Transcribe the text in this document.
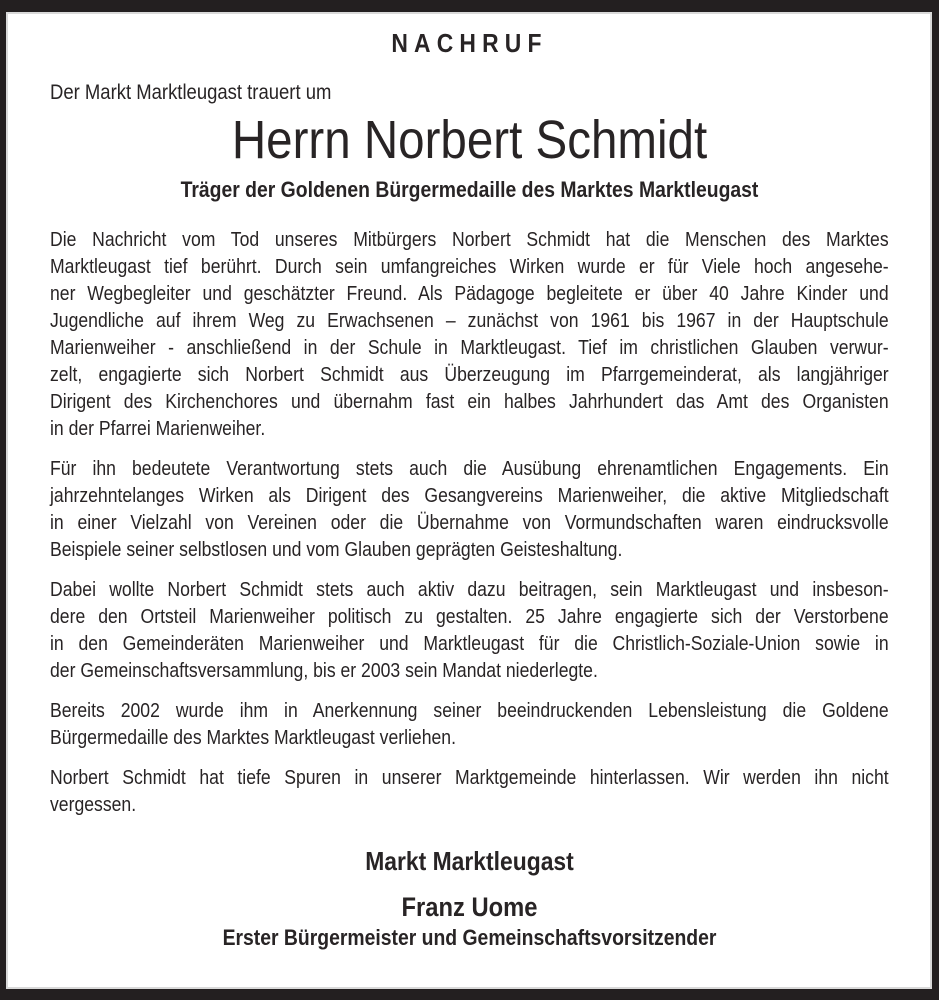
NACHRUF
Der Markt Marktleugast trauert um
Herrn Norbert Schmidt
Träger der Goldenen Bürgermedaille des Marktes Marktleugast
Die Nachricht vom Tod unseres Mitbürgers Norbert Schmidt hat die Menschen des Marktes
Marktleugast tief berührt. Durch sein umfangreiches Wirken wurde er für Viele hoch angesehe-
ner Wegbegleiter und geschätzter Freund. Als Pädagoge begleitete er über 40 Jahre Kinder und
Jugendliche auf ihrem Weg zu Erwachsenen – zunächst von 1961 bis 1967 in der Hauptschule
Marienweiher - anschließend in der Schule in Marktleugast. Tief im christlichen Glauben verwur-
zelt, engagierte sich Norbert Schmidt aus Überzeugung im Pfarrgemeinderat, als langjähriger
Dirigent des Kirchenchores und übernahm fast ein halbes Jahrhundert das Amt des Organisten
in der Pfarrei Marienweiher.
Für ihn bedeutete Verantwortung stets auch die Ausübung ehrenamtlichen Engagements. Ein
jahrzehntelanges Wirken als Dirigent des Gesangvereins Marienweiher, die aktive Mitgliedschaft
in einer Vielzahl von Vereinen oder die Übernahme von Vormundschaften waren eindrucksvolle
Beispiele seiner selbstlosen und vom Glauben geprägten Geisteshaltung.
Dabei wollte Norbert Schmidt stets auch aktiv dazu beitragen, sein Marktleugast und insbeson-
dere den Ortsteil Marienweiher politisch zu gestalten. 25 Jahre engagierte sich der Verstorbene
in den Gemeinderäten Marienweiher und Marktleugast für die Christlich-Soziale-Union sowie in
der Gemeinschaftsversammlung, bis er 2003 sein Mandat niederlegte.
Bereits 2002 wurde ihm in Anerkennung seiner beeindruckenden Lebensleistung die Goldene
Bürgermedaille des Marktes Marktleugast verliehen.
Norbert Schmidt hat tiefe Spuren in unserer Marktgemeinde hinterlassen. Wir werden ihn nicht
vergessen.
Markt Marktleugast
Franz Uome
Erster Bürgermeister und Gemeinschaftsvorsitzender
